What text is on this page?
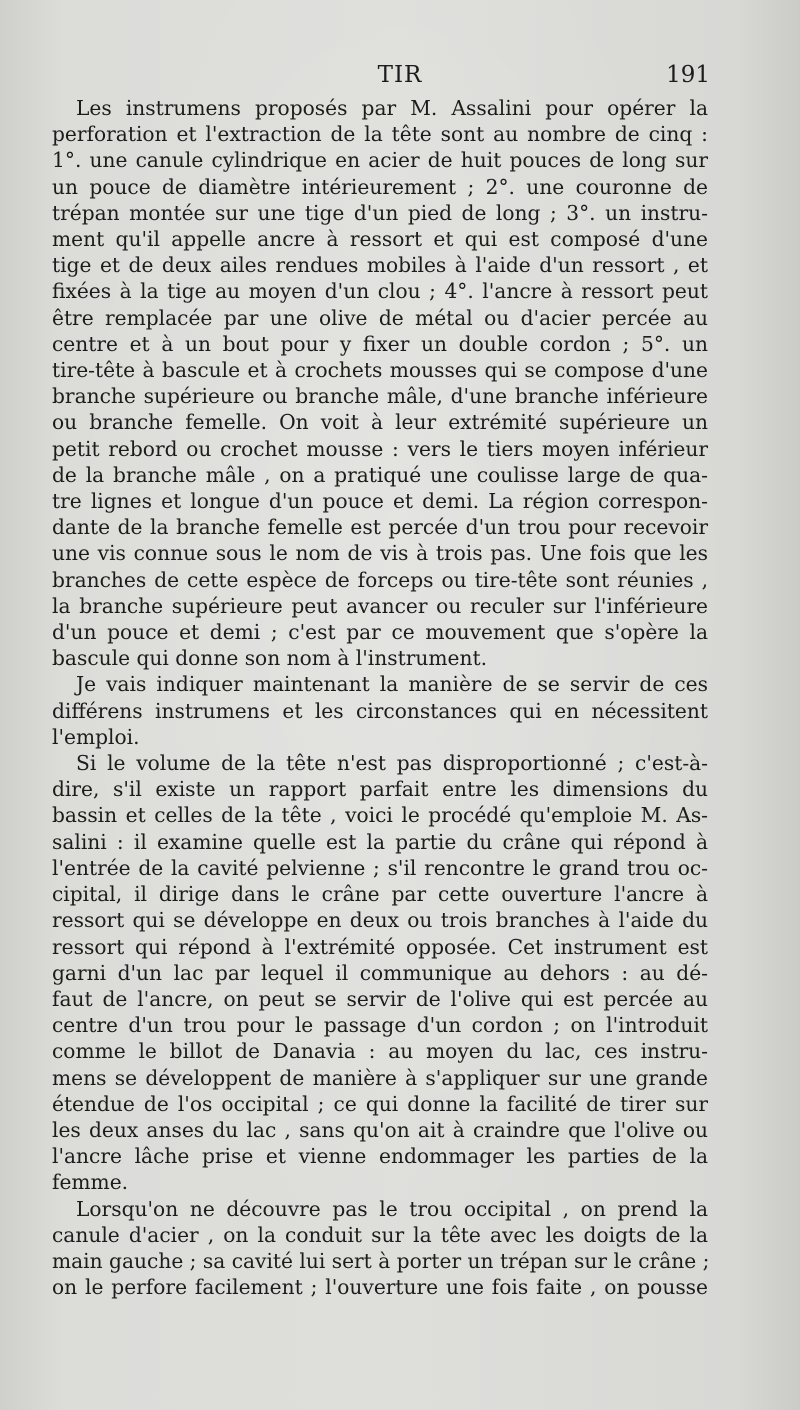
TIR	191
Les instrumens proposés par M. Assalini pour opérer la
perforation et l'extraction de la tête sont au nombre de cinq :
1°. une canule cylindrique en acier de huit pouces de long sur
un pouce de diamètre intérieurement ; 2°. une couronne de
trépan montée sur une tige d'un pied de long ; 3°. un instru-
ment qu'il appelle ancre à ressort et qui est composé d'une
tige et de deux ailes rendues mobiles à l'aide d'un ressort , et
fixées à la tige au moyen d'un clou ; 4°. l'ancre à ressort peut
être remplacée par une olive de métal ou d'acier percée au
centre et à un bout pour y fixer un double cordon ; 5°. un
tire-tête à bascule et à crochets mousses qui se compose d'une
branche supérieure ou branche mâle, d'une branche inférieure
ou branche femelle. On voit à leur extrémité supérieure un
petit rebord ou crochet mousse : vers le tiers moyen inférieur
de la branche mâle , on a pratiqué une coulisse large de qua-
tre lignes et longue d'un pouce et demi. La région correspon-
dante de la branche femelle est percée d'un trou pour recevoir
une vis connue sous le nom de vis à trois pas. Une fois que les
branches de cette espèce de forceps ou tire-tête sont réunies ,
la branche supérieure peut avancer ou reculer sur l'inférieure
d'un pouce et demi ; c'est par ce mouvement que s'opère la
bascule qui donne son nom à l'instrument.
Je vais indiquer maintenant la manière de se servir de ces
différens instrumens et les circonstances qui en nécessitent
l'emploi.
Si le volume de la tête n'est pas disproportionné ; c'est-à-
dire, s'il existe un rapport parfait entre les dimensions du
bassin et celles de la tête , voici le procédé qu'emploie M. As-
salini : il examine quelle est la partie du crâne qui répond à
l'entrée de la cavité pelvienne ; s'il rencontre le grand trou oc-
cipital, il dirige dans le crâne par cette ouverture l'ancre à
ressort qui se développe en deux ou trois branches à l'aide du
ressort qui répond à l'extrémité opposée. Cet instrument est
garni d'un lac par lequel il communique au dehors : au dé-
faut de l'ancre, on peut se servir de l'olive qui est percée au
centre d'un trou pour le passage d'un cordon ; on l'introduit
comme le billot de Danavia : au moyen du lac, ces instru-
mens se développent de manière à s'appliquer sur une grande
étendue de l'os occipital ; ce qui donne la facilité de tirer sur
les deux anses du lac , sans qu'on ait à craindre que l'olive ou
l'ancre lâche prise et vienne endommager les parties de la
femme.
Lorsqu'on ne découvre pas le trou occipital , on prend la
canule d'acier , on la conduit sur la tête avec les doigts de la
main gauche ; sa cavité lui sert à porter un trépan sur le crâne ;
on le perfore facilement ; l'ouverture une fois faite , on pousse
